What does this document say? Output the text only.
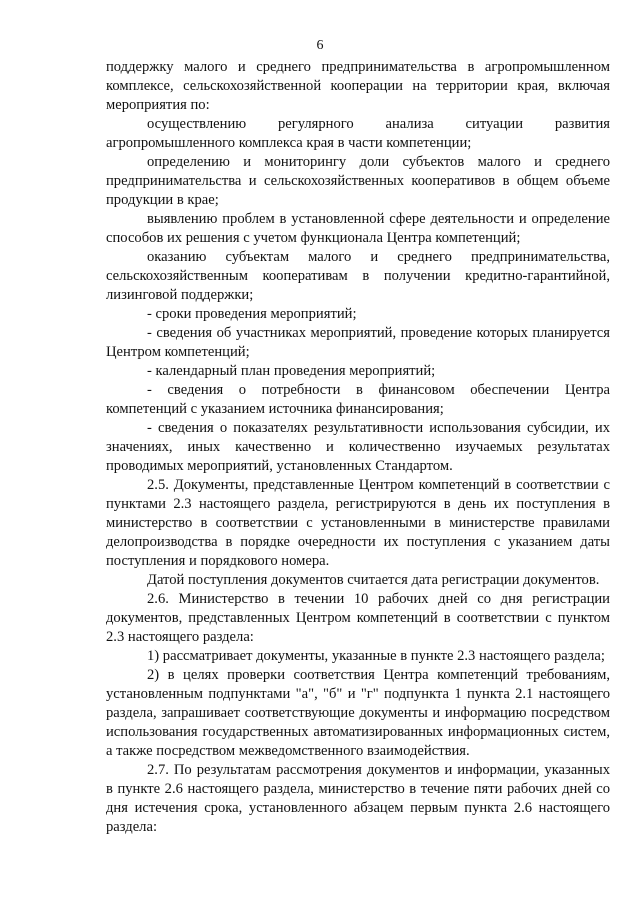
6

поддержку малого и среднего предпринимательства в агропромышленном комплексе, сельскохозяйственной кооперации на территории края, включая мероприятия по:

осуществлению регулярного анализа ситуации развития агропромышленного комплекса края в части компетенции;

определению и мониторингу доли субъектов малого и среднего предпринимательства и сельскохозяйственных кооперативов в общем объеме продукции в крае;

выявлению проблем в установленной сфере деятельности и определение способов их решения с учетом функционала Центра компетенций;

оказанию субъектам малого и среднего предпринимательства, сельскохозяйственным кооперативам в получении кредитно-гарантийной, лизинговой поддержки;

- сроки проведения мероприятий;

- сведения об участниках мероприятий, проведение которых планируется Центром компетенций;

- календарный план проведения мероприятий;

- сведения о потребности в финансовом обеспечении Центра компетенций с указанием источника финансирования;

- сведения о показателях результативности использования субсидии, их значениях, иных качественно и количественно изучаемых результатах проводимых мероприятий, установленных Стандартом.

2.5. Документы, представленные Центром компетенций в соответствии с пунктами 2.3 настоящего раздела, регистрируются в день их поступления в министерство в соответствии с установленными в министерстве правилами делопроизводства в порядке очередности их поступления с указанием даты поступления и порядкового номера.

Датой поступления документов считается дата регистрации документов.

2.6. Министерство в течении 10 рабочих дней со дня регистрации документов, представленных Центром компетенций в соответствии с пунктом 2.3 настоящего раздела:

1) рассматривает документы, указанные в пункте 2.3 настоящего раздела;

2) в целях проверки соответствия Центра компетенций требованиям, установленным подпунктами "а", "б" и "г" подпункта 1 пункта 2.1 настоящего раздела, запрашивает соответствующие документы и информацию посредством использования государственных автоматизированных информационных систем, а также посредством межведомственного взаимодействия.

2.7. По результатам рассмотрения документов и информации, указанных в пункте 2.6 настоящего раздела, министерство в течение пяти рабочих дней со дня истечения срока, установленного абзацем первым пункта 2.6 настоящего раздела:
